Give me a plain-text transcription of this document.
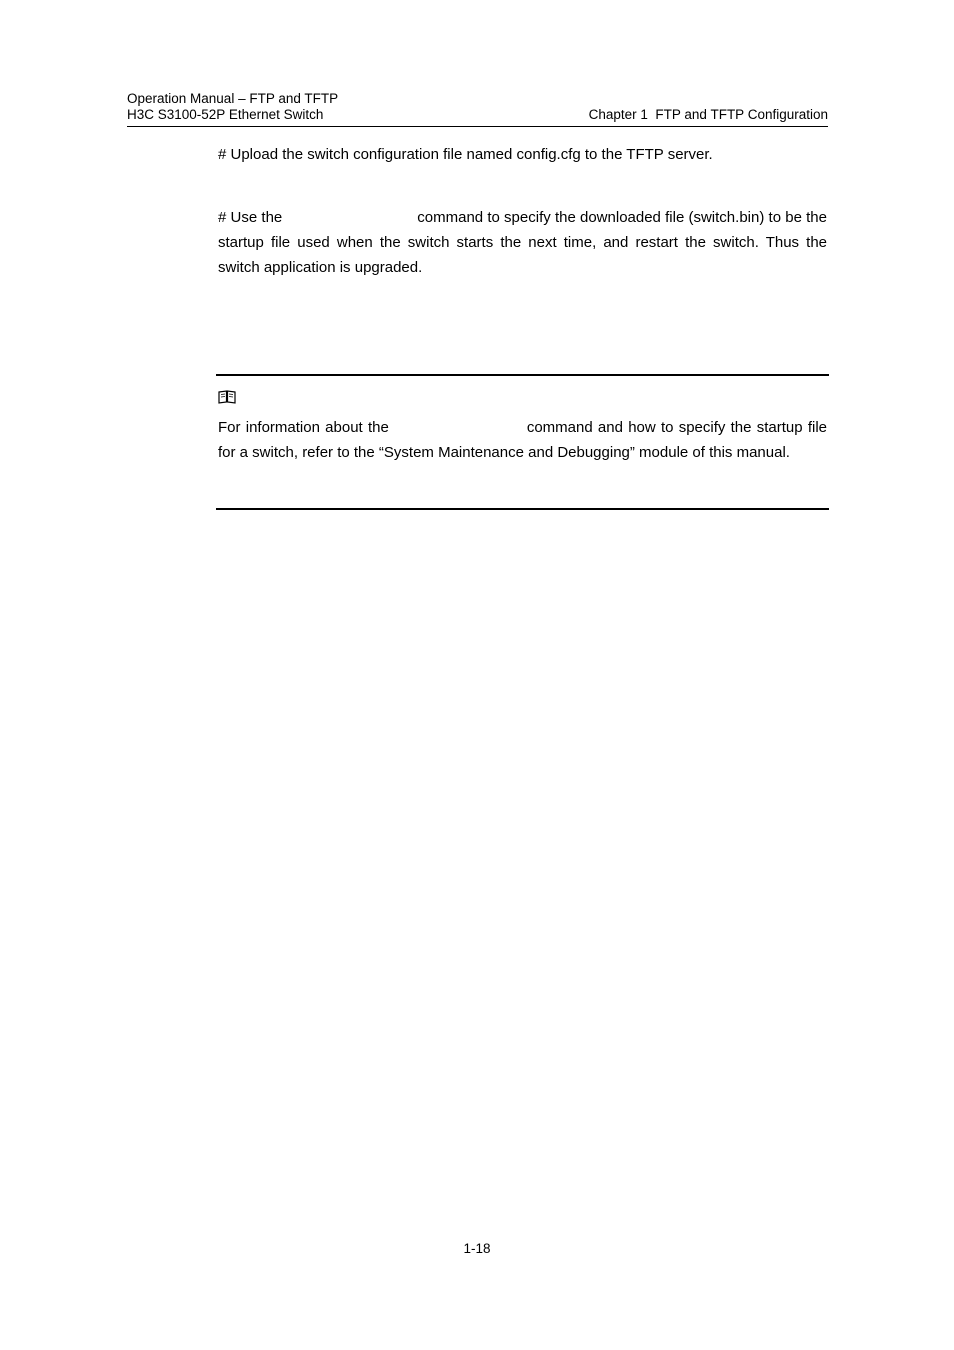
Operation Manual – FTP and TFTP
H3C S3100-52P Ethernet Switch	Chapter 1  FTP and TFTP Configuration
# Upload the switch configuration file named config.cfg to the TFTP server.
# Use the	command to specify the downloaded file (switch.bin) to be the startup file used when the switch starts the next time, and restart the switch. Thus the switch application is upgraded.
For information about the	command and how to specify the startup file for a switch, refer to the “System Maintenance and Debugging” module of this manual.
1-18
